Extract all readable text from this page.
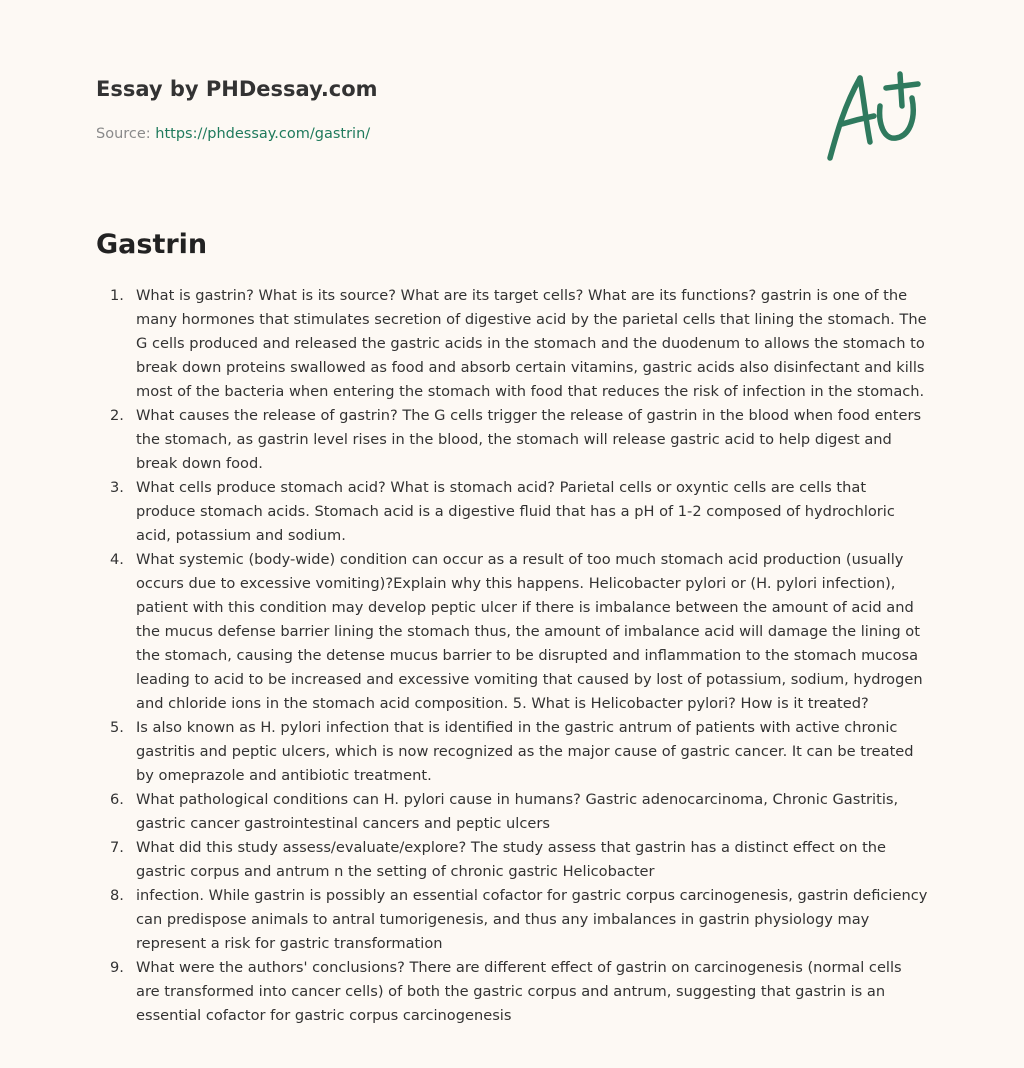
Essay by PHDessay.com
Source: https://phdessay.com/gastrin/
Gastrin
1. What is gastrin? What is its source? What are its target cells? What are its functions? gastrin is one of the many hormones that stimulates secretion of digestive acid by the parietal cells that lining the stomach. The G cells produced and released the gastric acids in the stomach and the duodenum to allows the stomach to break down proteins swallowed as food and absorb certain vitamins, gastric acids also disinfectant and kills most of the bacteria when entering the stomach with food that reduces the risk of infection in the stomach.
2. What causes the release of gastrin? The G cells trigger the release of gastrin in the blood when food enters the stomach, as gastrin level rises in the blood, the stomach will release gastric acid to help digest and break down food.
3. What cells produce stomach acid? What is stomach acid? Parietal cells or oxyntic cells are cells that produce stomach acids. Stomach acid is a digestive fluid that has a pH of 1-2 composed of hydrochloric acid, potassium and sodium.
4. What systemic (body-wide) condition can occur as a result of too much stomach acid production (usually occurs due to excessive vomiting)?Explain why this happens. Helicobacter pylori or (H. pylori infection), patient with this condition may develop peptic ulcer if there is imbalance between the amount of acid and the mucus defense barrier lining the stomach thus, the amount of imbalance acid will damage the lining ot the stomach, causing the detense mucus barrier to be disrupted and inflammation to the stomach mucosa leading to acid to be increased and excessive vomiting that caused by lost of potassium, sodium, hydrogen and chloride ions in the stomach acid composition. 5. What is Helicobacter pylori? How is it treated?
5. Is also known as H. pylori infection that is identified in the gastric antrum of patients with active chronic gastritis and peptic ulcers, which is now recognized as the major cause of gastric cancer. It can be treated by omeprazole and antibiotic treatment.
6. What pathological conditions can H. pylori cause in humans? Gastric adenocarcinoma, Chronic Gastritis, gastric cancer gastrointestinal cancers and peptic ulcers
7. What did this study assess/evaluate/explore? The study assess that gastrin has a distinct effect on the gastric corpus and antrum n the setting of chronic gastric Helicobacter
8. infection. While gastrin is possibly an essential cofactor for gastric corpus carcinogenesis, gastrin deficiency can predispose animals to antral tumorigenesis, and thus any imbalances in gastrin physiology may represent a risk for gastric transformation
9. What were the authors' conclusions? There are different effect of gastrin on carcinogenesis (normal cells are transformed into cancer cells) of both the gastric corpus and antrum, suggesting that gastrin is an essential cofactor for gastric corpus carcinogenesis
